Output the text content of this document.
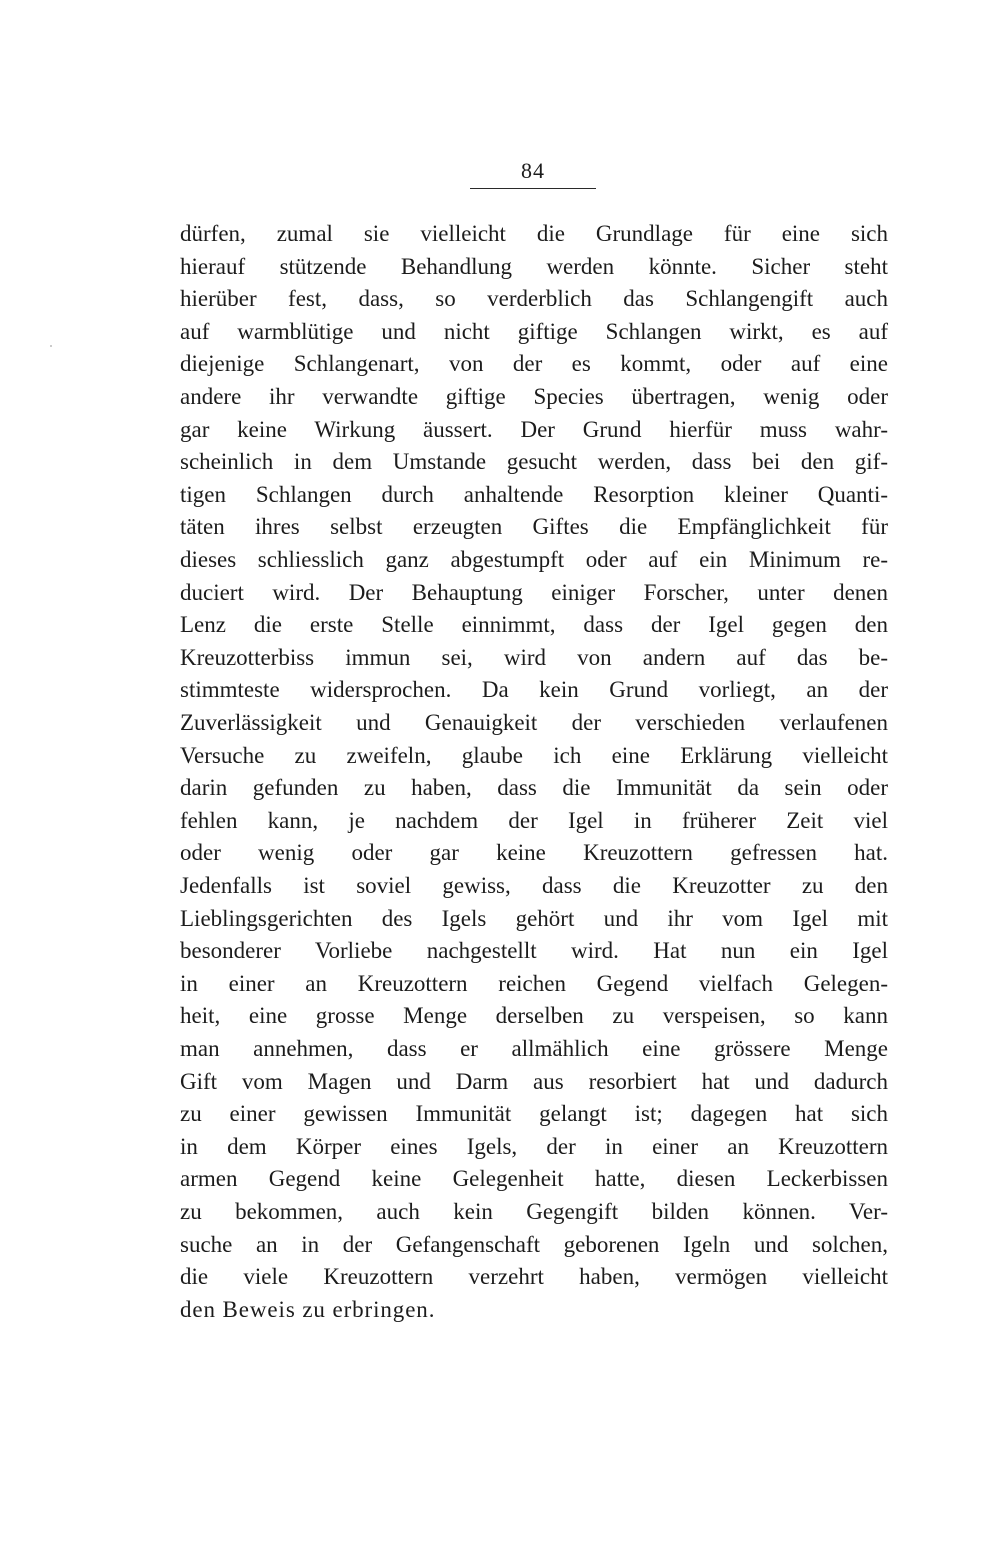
84
dürfen, zumal sie vielleicht die Grundlage für eine sich
hierauf stützende Behandlung werden könnte. Sicher steht
hierüber fest, dass, so verderblich das Schlangengift auch
auf warmblütige und nicht giftige Schlangen wirkt, es auf
diejenige Schlangenart, von der es kommt, oder auf eine
andere ihr verwandte giftige Species übertragen, wenig oder
gar keine Wirkung äussert. Der Grund hierfür muss wahr-
scheinlich in dem Umstande gesucht werden, dass bei den gif-
tigen Schlangen durch anhaltende Resorption kleiner Quanti-
täten ihres selbst erzeugten Giftes die Empfänglichkeit für
dieses schliesslich ganz abgestumpft oder auf ein Minimum re-
duciert wird. Der Behauptung einiger Forscher, unter denen
Lenz die erste Stelle einnimmt, dass der Igel gegen den
Kreuzotterbiss immun sei, wird von andern auf das be-
stimmteste widersprochen. Da kein Grund vorliegt, an der
Zuverlässigkeit und Genauigkeit der verschieden verlaufenen
Versuche zu zweifeln, glaube ich eine Erklärung vielleicht
darin gefunden zu haben, dass die Immunität da sein oder
fehlen kann, je nachdem der Igel in früherer Zeit viel
oder wenig oder gar keine Kreuzottern gefressen hat.
Jedenfalls ist soviel gewiss, dass die Kreuzotter zu den
Lieblingsgerichten des Igels gehört und ihr vom Igel mit
besonderer Vorliebe nachgestellt wird. Hat nun ein Igel
in einer an Kreuzottern reichen Gegend vielfach Gelegen-
heit, eine grosse Menge derselben zu verspeisen, so kann
man annehmen, dass er allmählich eine grössere Menge
Gift vom Magen und Darm aus resorbiert hat und dadurch
zu einer gewissen Immunität gelangt ist; dagegen hat sich
in dem Körper eines Igels, der in einer an Kreuzottern
armen Gegend keine Gelegenheit hatte, diesen Leckerbissen
zu bekommen, auch kein Gegengift bilden können. Ver-
suche an in der Gefangenschaft geborenen Igeln und solchen,
die viele Kreuzottern verzehrt haben, vermögen vielleicht
den Beweis zu erbringen.
